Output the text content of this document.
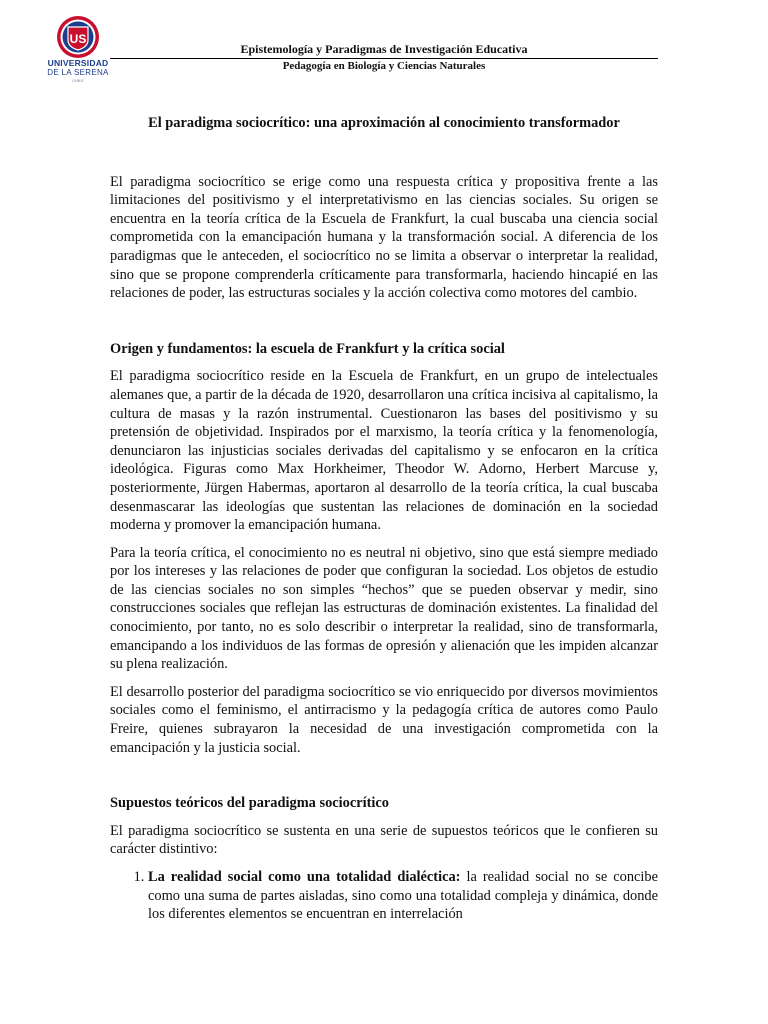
US
UNIVERSIDAD
DE LA SERENA
CHILE
Epistemología y Paradigmas de Investigación Educativa
Pedagogía en Biología y Ciencias Naturales
El paradigma sociocrítico: una aproximación al conocimiento transformador

El paradigma sociocrítico se erige como una respuesta crítica y propositiva frente a las limitaciones del positivismo y el interpretativismo en las ciencias sociales. Su origen se encuentra en la teoría crítica de la Escuela de Frankfurt, la cual buscaba una ciencia social comprometida con la emancipación humana y la transformación social. A diferencia de los paradigmas que le anteceden, el sociocrítico no se limita a observar o interpretar la realidad, sino que se propone comprenderla críticamente para transformarla, haciendo hincapié en las relaciones de poder, las estructuras sociales y la acción colectiva como motores del cambio.

Origen y fundamentos: la escuela de Frankfurt y la crítica social

El paradigma sociocrítico reside en la Escuela de Frankfurt, en un grupo de intelectuales alemanes que, a partir de la década de 1920, desarrollaron una crítica incisiva al capitalismo, la cultura de masas y la razón instrumental. Cuestionaron las bases del positivismo y su pretensión de objetividad. Inspirados por el marxismo, la teoría crítica y la fenomenología, denunciaron las injusticias sociales derivadas del capitalismo y se enfocaron en la crítica ideológica. Figuras como Max Horkheimer, Theodor W. Adorno, Herbert Marcuse y, posteriormente, Jürgen Habermas, aportaron al desarrollo de la teoría crítica, la cual buscaba desenmascarar las ideologías que sustentan las relaciones de dominación en la sociedad moderna y promover la emancipación humana.

Para la teoría crítica, el conocimiento no es neutral ni objetivo, sino que está siempre mediado por los intereses y las relaciones de poder que configuran la sociedad. Los objetos de estudio de las ciencias sociales no son simples “hechos” que se pueden observar y medir, sino construcciones sociales que reflejan las estructuras de dominación existentes. La finalidad del conocimiento, por tanto, no es solo describir o interpretar la realidad, sino de transformarla, emancipando a los individuos de las formas de opresión y alienación que les impiden alcanzar su plena realización.

El desarrollo posterior del paradigma sociocrítico se vio enriquecido por diversos movimientos sociales como el feminismo, el antirracismo y la pedagogía crítica de autores como Paulo Freire, quienes subrayaron la necesidad de una investigación comprometida con la emancipación y la justicia social.

Supuestos teóricos del paradigma sociocrítico

El paradigma sociocrítico se sustenta en una serie de supuestos teóricos que le confieren su carácter distintivo:

1. La realidad social como una totalidad dialéctica: la realidad social no se concibe como una suma de partes aisladas, sino como una totalidad compleja y dinámica, donde los diferentes elementos se encuentran en interrelación
